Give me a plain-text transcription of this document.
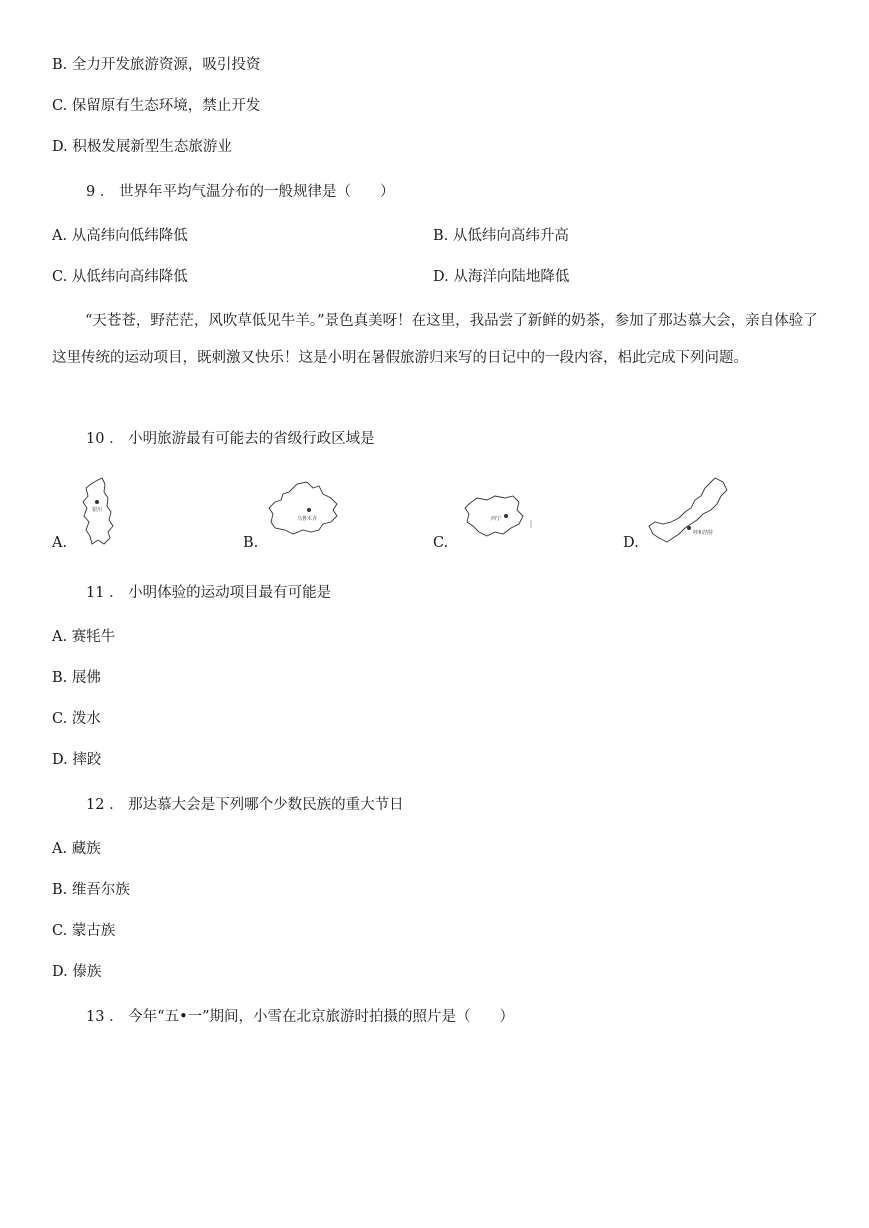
B. 全力开发旅游资源，吸引投资
C. 保留原有生态环境，禁止开发
D. 积极发展新型生态旅游业
9 ． 世界年平均气温分布的一般规律是（　　）
A. 从高纬向低纬降低	B. 从低纬向高纬升高
C. 从低纬向高纬降低	D. 从海洋向陆地降低
“天苍苍，野茫茫，风吹草低见牛羊。”景色真美呀！在这里，我品尝了新鲜的奶茶，参加了那达慕大会，亲自体验了这里传统的运动项目，既刺激又快乐！这是小明在暑假旅游归来写的日记中的一段内容，梠此完成下列问题。
10 ． 小明旅游最有可能去的省级行政区域是
A.
银川
B.
乌鲁木齐
C.
西宁
D.
呼和浩特
11 ． 小明体验的运动项目最有可能是
A. 赛牦牛
B. 展佛
C. 泼水
D. 摔跤
12 ． 那达慕大会是下列哪个少数民族的重大节日
A. 藏族
B. 维吾尔族
C. 蒙古族
D. 傣族
13 ． 今年“五•一”期间，小雪在北京旅游时拍摄的照片是（　　）
